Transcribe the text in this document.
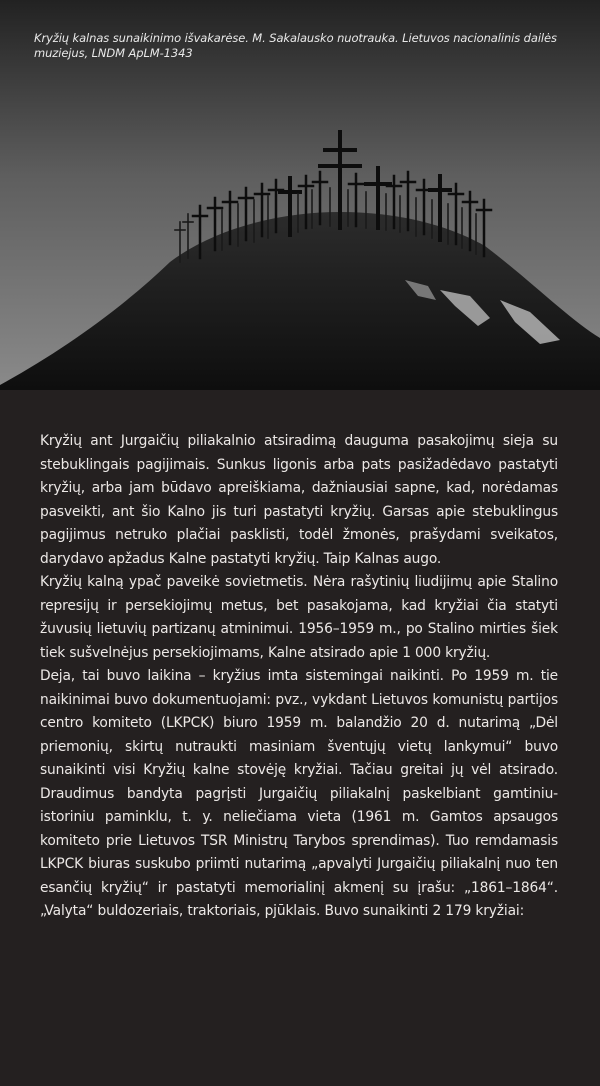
Kryžių kalnas sunaikinimo išvakarėse. M. Sakalausko nuotrauka. Lietuvos nacionalinis dailės muziejus, LNDM ApLM-1343

Kryžių ant Jurgaičių piliakalnio atsiradimą dauguma pasakojimų sieja su stebuklingais pagijimais. Sunkus ligonis arba pats pasižadėdavo pastatyti kryžių, arba jam būdavo apreiškiama, dažniausiai sapne, kad, norėdamas pasveikti, ant šio Kalno jis turi pastatyti kryžių. Garsas apie stebuklingus pagijimus netruko plačiai pasklisti, todėl žmonės, prašydami sveikatos, darydavo apžadus Kalne pastatyti kryžių. Taip Kalnas augo.

Kryžių kalną ypač paveikė sovietmetis. Nėra rašytinių liudijimų apie Stalino represijų ir persekiojimų metus, bet pasakojama, kad kryžiai čia statyti žuvusių lietuvių partizanų atminimui. 1956–1959 m., po Stalino mirties šiek tiek sušvelnėjus persekiojimams, Kalne atsirado apie 1 000 kryžių.

Deja, tai buvo laikina – kryžius imta sistemingai naikinti. Po 1959 m. tie naikinimai buvo dokumentuojami: pvz., vykdant Lietuvos komunistų partijos centro komiteto (LKPCK) biuro 1959 m. balandžio 20 d. nutarimą „Dėl priemonių, skirtų nutraukti masiniam šventųjų vietų lankymui“ buvo sunaikinti visi Kryžių kalne stovėję kryžiai. Tačiau greitai jų vėl atsirado. Draudimus bandyta pagrįsti Jurgaičių piliakalnį paskelbiant gamtiniu-istoriniu paminklu, t. y. neliečiama vieta (1961 m. Gamtos apsaugos komiteto prie Lietuvos TSR Ministrų Tarybos sprendimas). Tuo remdamasis LKPCK biuras suskubo priimti nutarimą „apvalyti Jurgaičių piliakalnį nuo ten esančių kryžių“ ir pastatyti memorialinį akmenį su įrašu: „1861–1864“. „Valyta“ buldozeriais, traktoriais, pjūklais. Buvo sunaikinti 2 179 kryžiai:
